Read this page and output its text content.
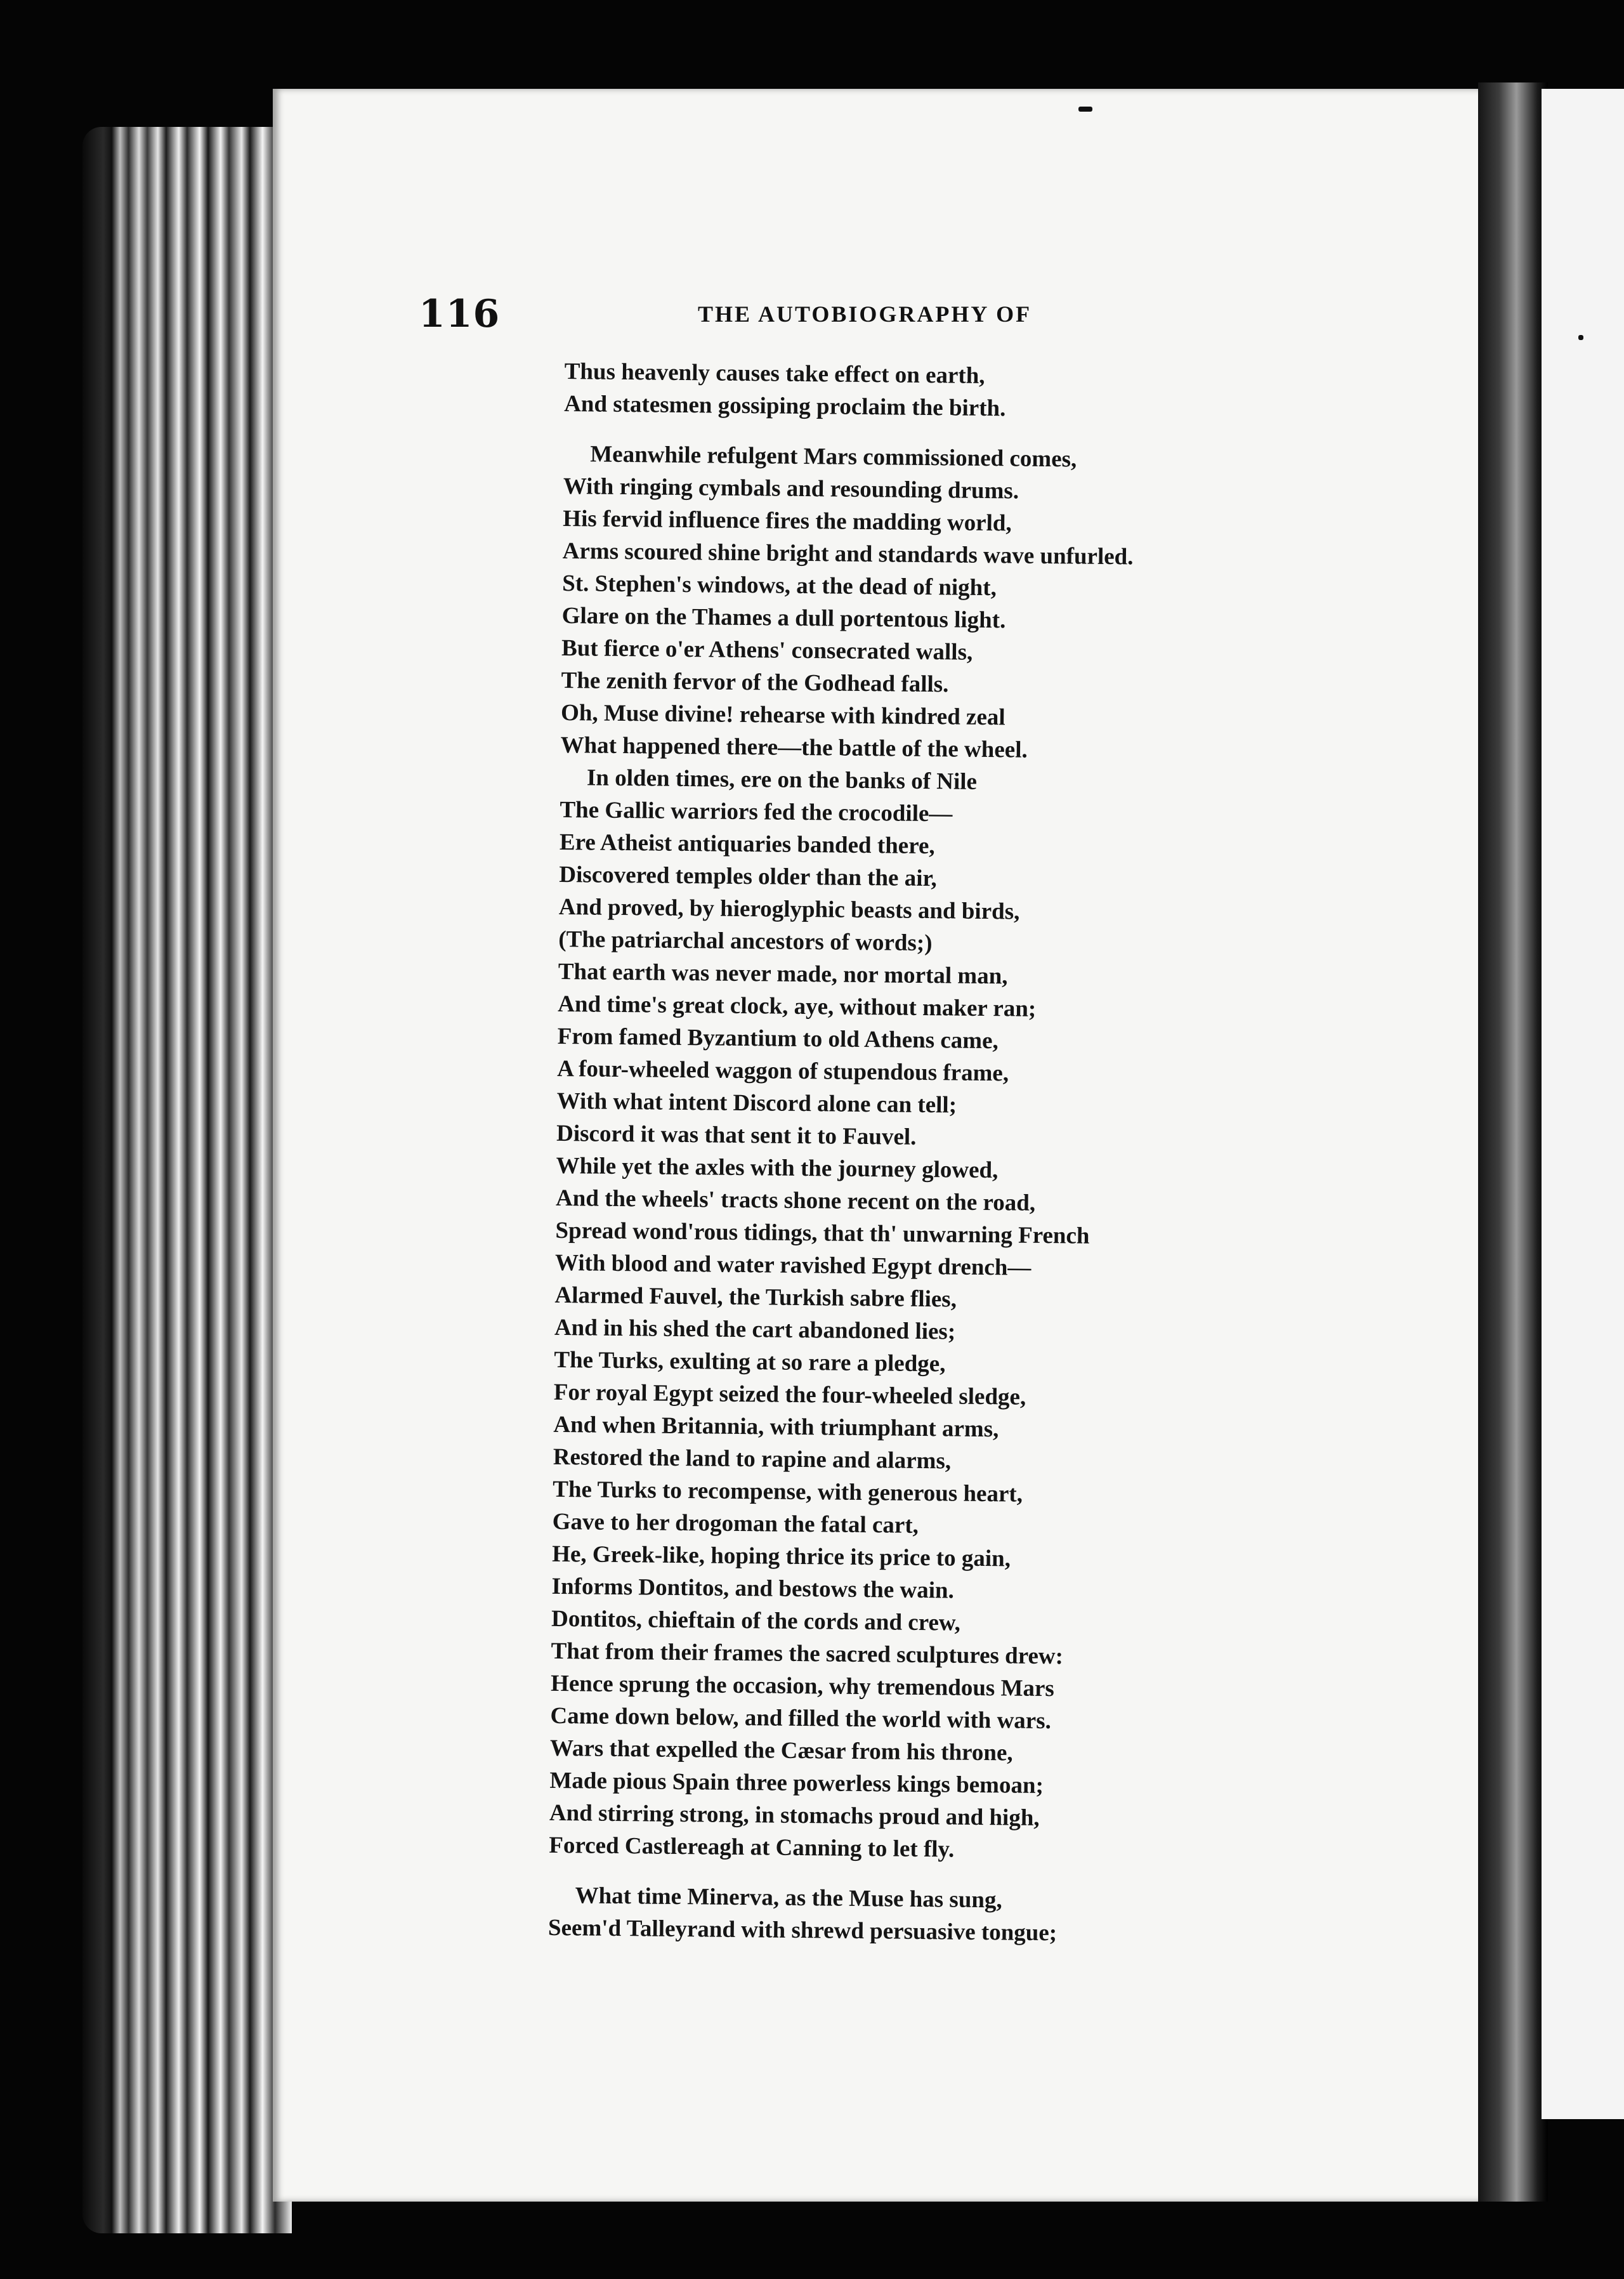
116	THE AUTOBIOGRAPHY OF
Thus heavenly causes take effect on earth,
And statesmen gossiping proclaim the birth.
Meanwhile refulgent Mars commissioned comes,
With ringing cymbals and resounding drums.
His fervid influence fires the madding world,
Arms scoured shine bright and standards wave unfurled.
St. Stephen's windows, at the dead of night,
Glare on the Thames a dull portentous light.
But fierce o'er Athens' consecrated walls,
The zenith fervor of the Godhead falls.
Oh, Muse divine! rehearse with kindred zeal
What happened there—the battle of the wheel.
In olden times, ere on the banks of Nile
The Gallic warriors fed the crocodile—
Ere Atheist antiquaries banded there,
Discovered temples older than the air,
And proved, by hieroglyphic beasts and birds,
(The patriarchal ancestors of words;)
That earth was never made, nor mortal man,
And time's great clock, aye, without maker ran;
From famed Byzantium to old Athens came,
A four-wheeled waggon of stupendous frame,
With what intent Discord alone can tell;
Discord it was that sent it to Fauvel.
While yet the axles with the journey glowed,
And the wheels' tracts shone recent on the road,
Spread wond'rous tidings, that th' unwarning French
With blood and water ravished Egypt drench—
Alarmed Fauvel, the Turkish sabre flies,
And in his shed the cart abandoned lies;
The Turks, exulting at so rare a pledge,
For royal Egypt seized the four-wheeled sledge,
And when Britannia, with triumphant arms,
Restored the land to rapine and alarms,
The Turks to recompense, with generous heart,
Gave to her drogoman the fatal cart,
He, Greek-like, hoping thrice its price to gain,
Informs Dontitos, and bestows the wain.
Dontitos, chieftain of the cords and crew,
That from their frames the sacred sculptures drew:
Hence sprung the occasion, why tremendous Mars
Came down below, and filled the world with wars.
Wars that expelled the Cæsar from his throne,
Made pious Spain three powerless kings bemoan;
And stirring strong, in stomachs proud and high,
Forced Castlereagh at Canning to let fly.
What time Minerva, as the Muse has sung,
Seem'd Talleyrand with shrewd persuasive tongue;
